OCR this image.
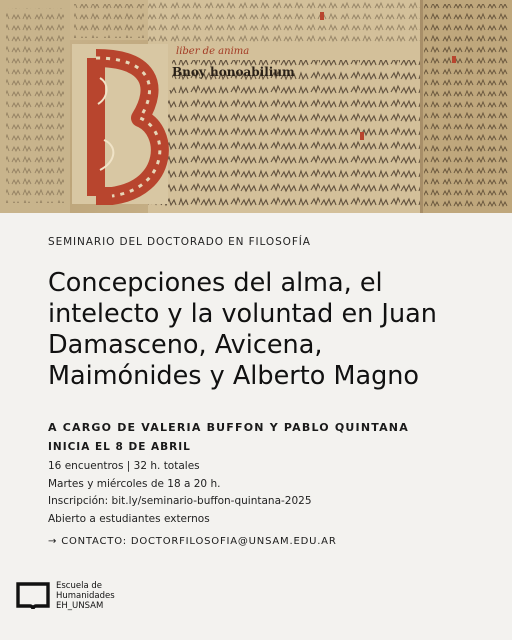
liber de anima
Bnoy honoabilium
SEMINARIO DEL DOCTORADO EN FILOSOFÍA
Concepciones del alma, el
intelecto y la voluntad en Juan
Damasceno, Avicena,
Maimónides y Alberto Magno
A CARGO DE VALERIA BUFFON Y PABLO QUINTANA
INICIA EL 8 DE ABRIL
16 encuentros | 32 h. totales
Martes y miércoles de 18 a 20 h.
Inscripción: bit.ly/seminario-buffon-quintana-2025
Abierto a estudiantes externos
→ CONTACTO: DOCTORFILOSOFIA@UNSAM.EDU.AR
Escuela de
Humanidades
EH_UNSAM
